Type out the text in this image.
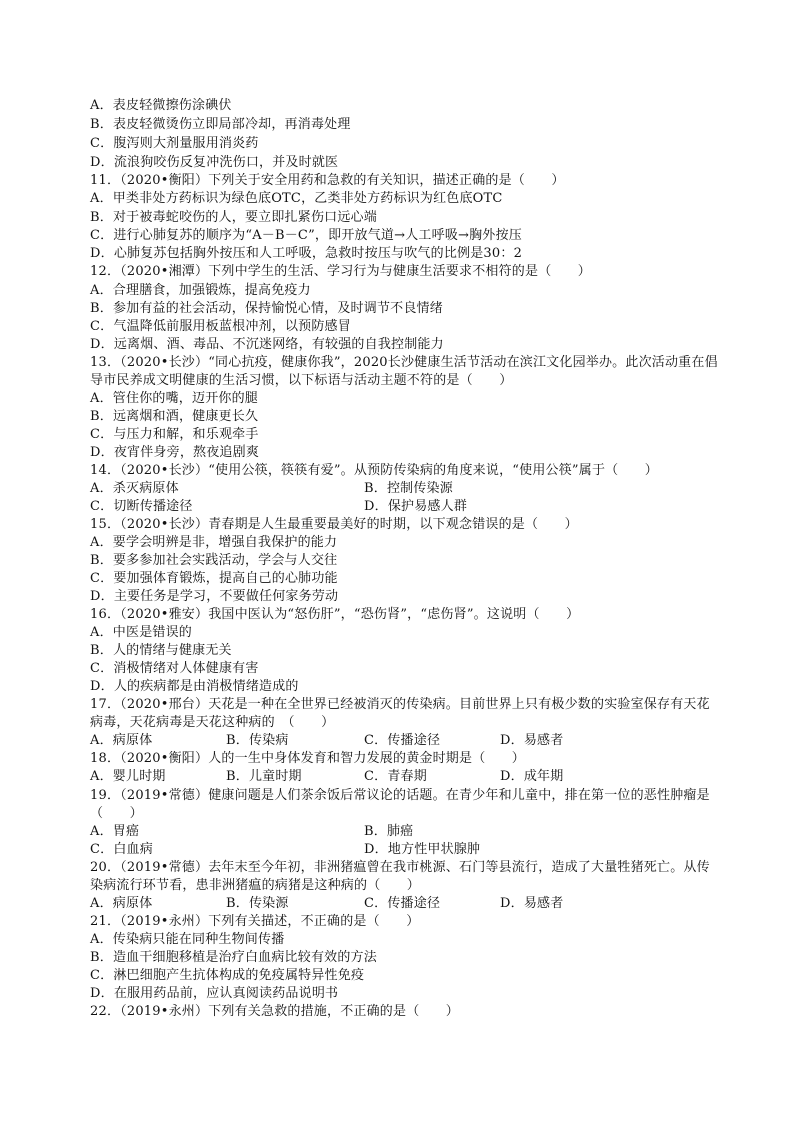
A．表皮轻微擦伤涂碘伏
B．表皮轻微烫伤立即局部冷却，再消毒处理
C．腹泻则大剂量服用消炎药
D．流浪狗咬伤反复冲洗伤口，并及时就医
11．（2020•衡阳）下列关于安全用药和急救的有关知识，描述正确的是（　　）
A．甲类非处方药标识为绿色底OTC，乙类非处方药标识为红色底OTC
B．对于被毒蛇咬伤的人，要立即扎紧伤口远心端
C．进行心肺复苏的顺序为“A－B－C”，即开放气道→人工呼吸→胸外按压
D．心肺复苏包括胸外按压和人工呼吸，急救时按压与吹气的比例是30：2
12．（2020•湘潭）下列中学生的生活、学习行为与健康生活要求不相符的是（　　）
A．合理膳食，加强锻炼，提高免疫力
B．参加有益的社会活动，保持愉悦心情，及时调节不良情绪
C．气温降低前服用板蓝根冲剂，以预防感冒
D．远离烟、酒、毒品、不沉迷网络，有较强的自我控制能力
13．（2020•长沙）“同心抗疫，健康你我”，2020长沙健康生活节活动在滨江文化园举办。此次活动重在倡
导市民养成文明健康的生活习惯，以下标语与活动主题不符的是（　　）
A．管住你的嘴，迈开你的腿
B．远离烟和酒，健康更长久
C．与压力和解，和乐观牵手
D．夜宵伴身旁，熬夜追剧爽
14．（2020•长沙）“使用公筷，筷筷有爱”。从预防传染病的角度来说，“使用公筷”属于（　　）
A．杀灭病原体	B．控制传染源
C．切断传播途径	D．保护易感人群
15．（2020•长沙）青春期是人生最重要最美好的时期，以下观念错误的是（　　）
A．要学会明辨是非，增强自我保护的能力
B．要多参加社会实践活动，学会与人交往
C．要加强体育锻炼，提高自己的心肺功能
D．主要任务是学习，不要做任何家务劳动
16．（2020•雅安）我国中医认为“怒伤肝”，“恐伤肾”，“虑伤肾”。这说明（　　）
A．中医是错误的
B．人的情绪与健康无关
C．消极情绪对人体健康有害
D．人的疾病都是由消极情绪造成的
17．（2020•邢台）天花是一种在全世界已经被消灭的传染病。目前世界上只有极少数的实验室保存有天花
病毒，天花病毒是天花这种病的　（　　）
A．病原体	B．传染病	C．传播途径	D．易感者
18．（2020•衡阳）人的一生中身体发育和智力发展的黄金时期是（　　）
A．婴儿时期	B．儿童时期	C．青春期	D．成年期
19．（2019•常德）健康问题是人们茶余饭后常议论的话题。在青少年和儿童中，排在第一位的恶性肿瘤是
（　　）
A．胃癌	B．肺癌
C．白血病	D．地方性甲状腺肿
20．（2019•常德）去年末至今年初，非洲猪瘟曾在我市桃源、石门等县流行，造成了大量牲猪死亡。从传
染病流行环节看，患非洲猪瘟的病猪是这种病的（　　）
A．病原体	B．传染源	C．传播途径	D．易感者
21．（2019•永州）下列有关描述，不正确的是（　　）
A．传染病只能在同种生物间传播
B．造血干细胞移植是治疗白血病比较有效的方法
C．淋巴细胞产生抗体构成的免疫属特异性免疫
D．在服用药品前，应认真阅读药品说明书
22．（2019•永州）下列有关急救的措施，不正确的是（　　）
